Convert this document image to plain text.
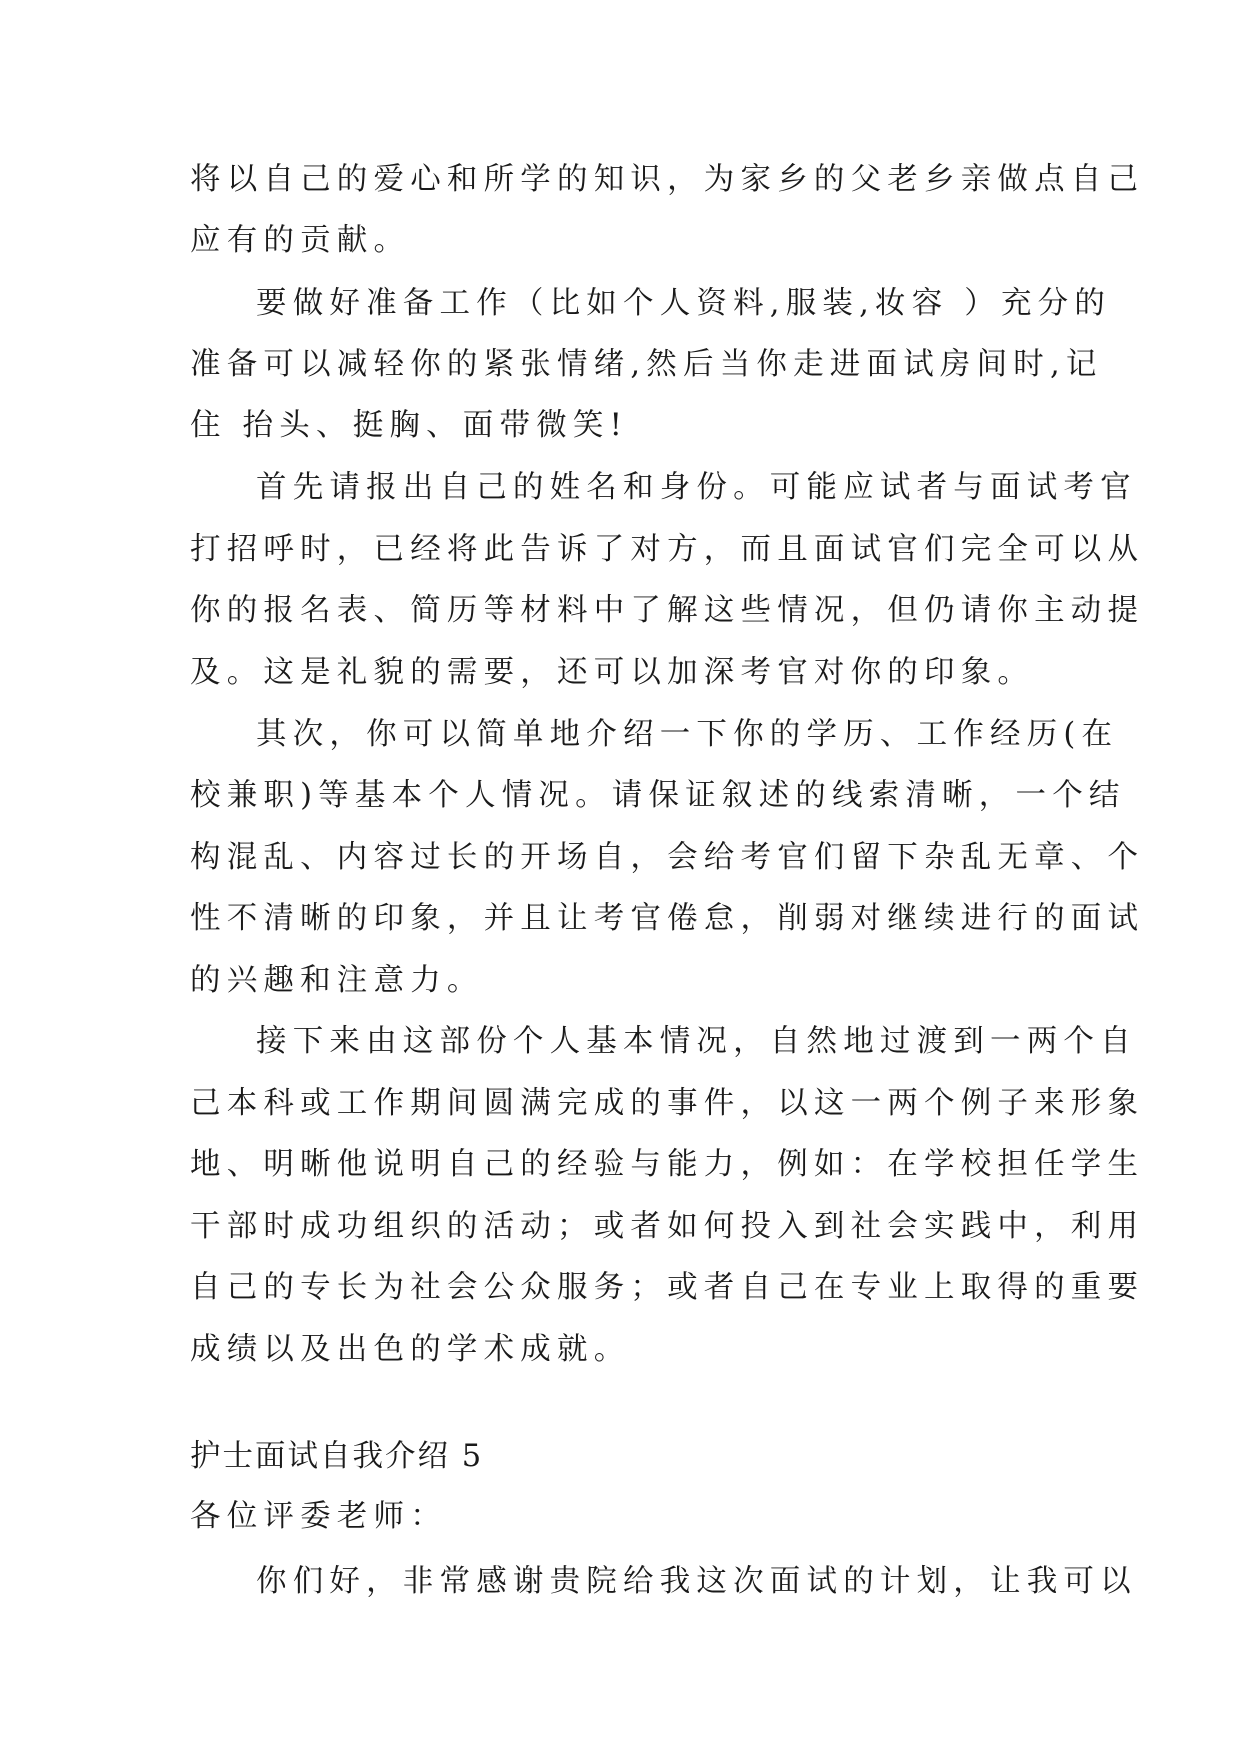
将以自己的爱心和所学的知识，为家乡的父老乡亲做点自己
应有的贡献。
要做好准备工作（比如个人资料,服装,妆容 ）充分的
准备可以减轻你的紧张情绪,然后当你走进面试房间时,记
住 抬头、挺胸、面带微笑!
首先请报出自己的姓名和身份。可能应试者与面试考官
打招呼时，已经将此告诉了对方，而且面试官们完全可以从
你的报名表、简历等材料中了解这些情况，但仍请你主动提
及。这是礼貌的需要，还可以加深考官对你的印象。
其次，你可以简单地介绍一下你的学历、工作经历(在
校兼职)等基本个人情况。请保证叙述的线索清晰，一个结
构混乱、内容过长的开场自，会给考官们留下杂乱无章、个
性不清晰的印象，并且让考官倦怠，削弱对继续进行的面试
的兴趣和注意力。
接下来由这部份个人基本情况，自然地过渡到一两个自
己本科或工作期间圆满完成的事件，以这一两个例子来形象
地、明晰他说明自己的经验与能力，例如：在学校担任学生
干部时成功组织的活动；或者如何投入到社会实践中，利用
自己的专长为社会公众服务；或者自己在专业上取得的重要
成绩以及出色的学术成就。
护士面试自我介绍 5
各位评委老师：
你们好，非常感谢贵院给我这次面试的计划，让我可以
